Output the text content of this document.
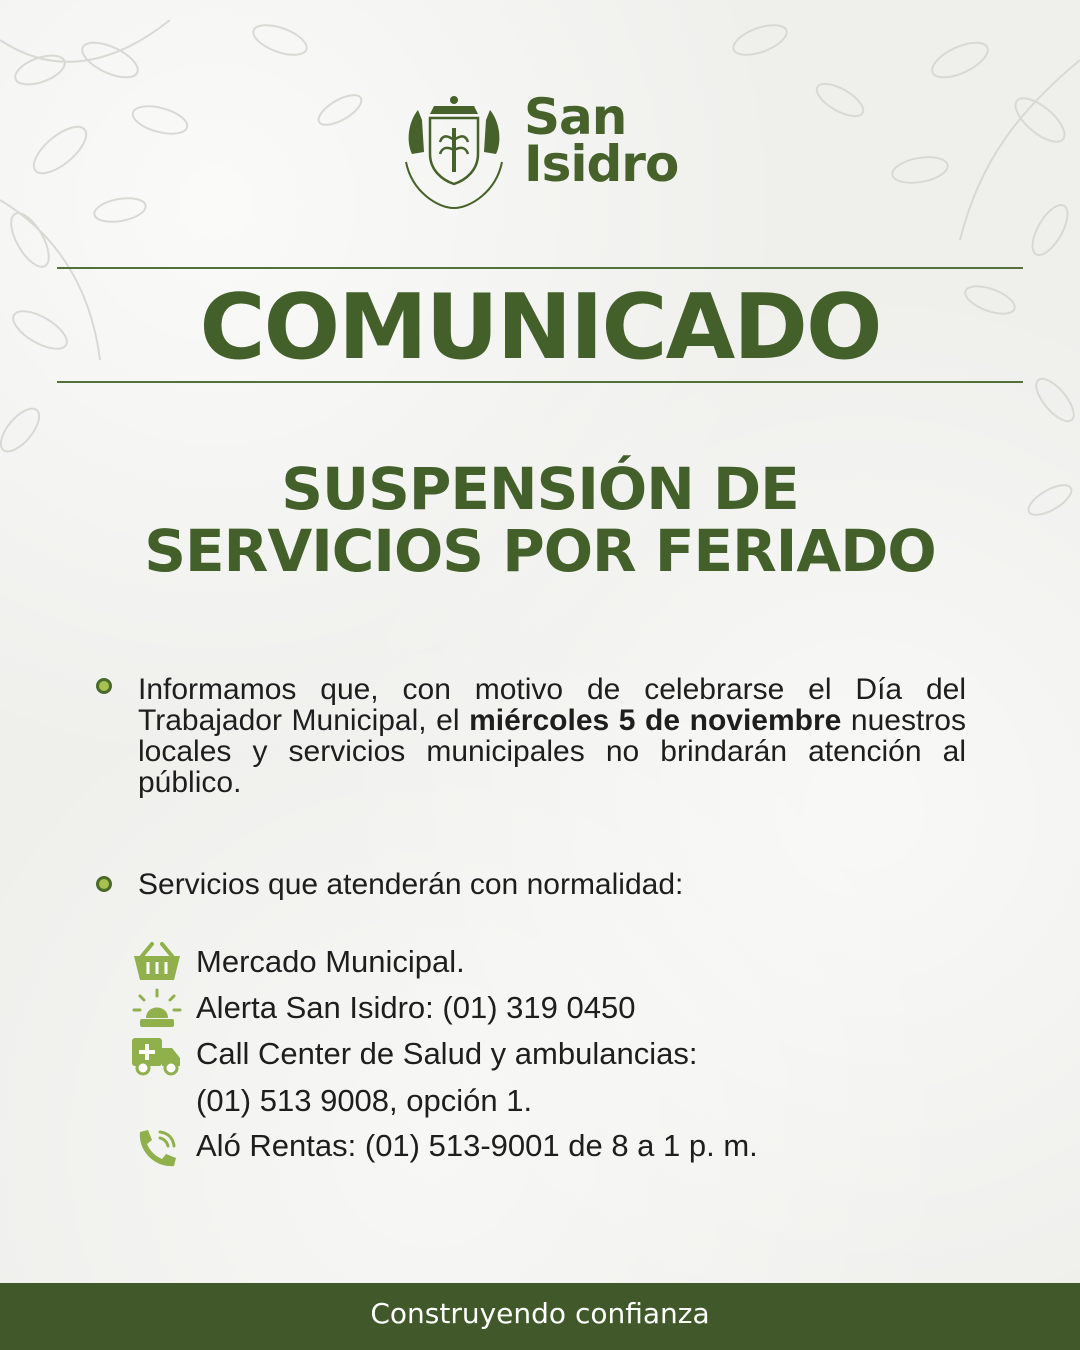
San
Isidro
COMUNICADO
SUSPENSIÓN DE
SERVICIOS POR FERIADO
Informamos que, con motivo de celebrarse el Día del Trabajador Municipal, el miércoles 5 de noviembre nuestros locales y servicios municipales no brindarán atención al público.
Servicios que atenderán con normalidad:
Mercado Municipal.
Alerta San Isidro: (01) 319 0450
Call Center de Salud y ambulancias:
(01) 513 9008, opción 1.
Aló Rentas: (01) 513-9001 de 8 a 1 p. m.
Construyendo confianza
